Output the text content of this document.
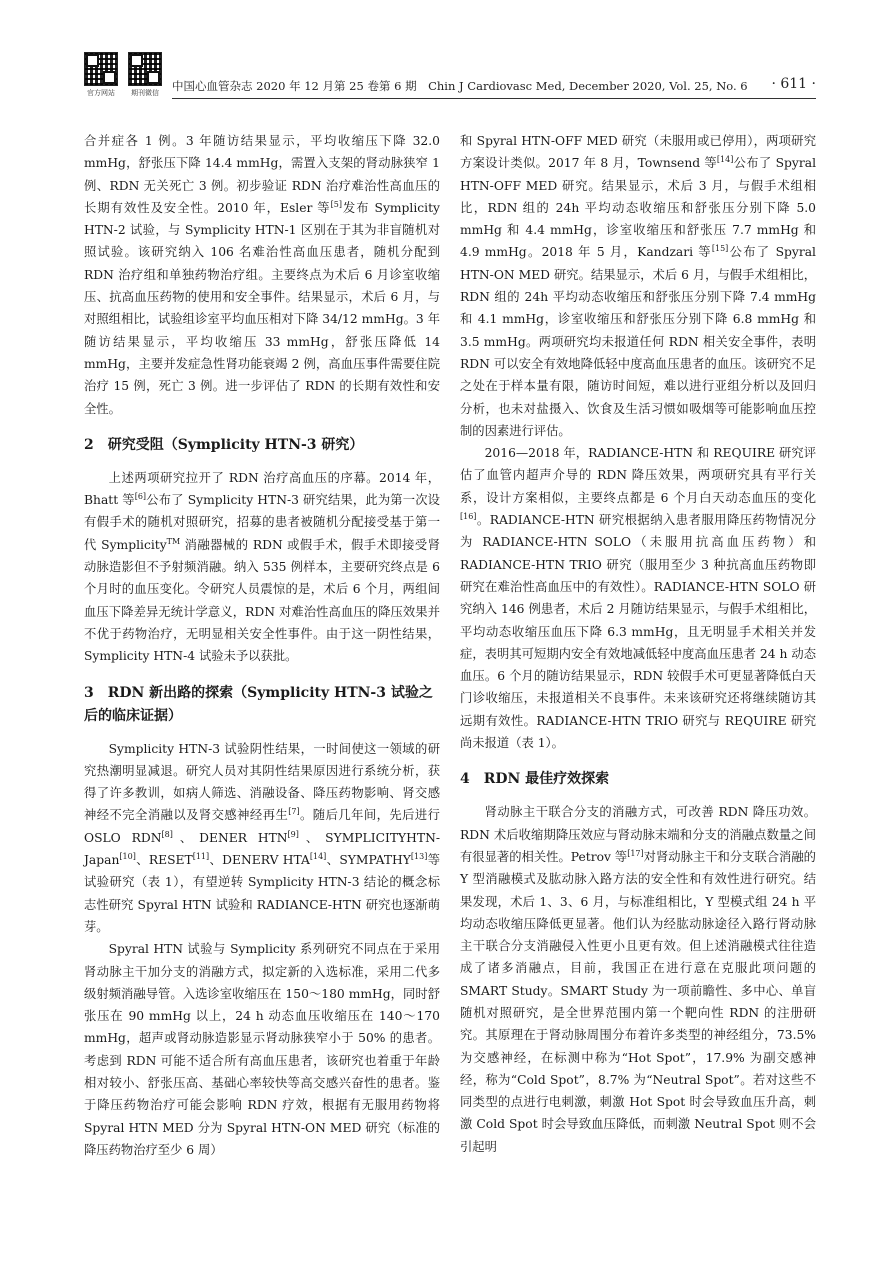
官方网站	期刊微信	中国心血管杂志 2020 年 12 月第 25 卷第 6 期　Chin J Cardiovasc Med, December 2020, Vol. 25, No. 6 · 611 ·

合并症各 1 例。3 年随访结果显示，平均收缩压下降 32.0 mmHg，舒张压下降 14.4 mmHg，需置入支架的肾动脉狭窄 1 例、RDN 无关死亡 3 例。初步验证 RDN 治疗难治性高血压的长期有效性及安全性。2010 年，Esler 等[5]发布 Symplicity HTN-2 试验，与 Symplicity HTN-1 区别在于其为非盲随机对照试验。该研究纳入 106 名难治性高血压患者，随机分配到 RDN 治疗组和单独药物治疗组。主要终点为术后 6 月诊室收缩压、抗高血压药物的使用和安全事件。结果显示，术后 6 月，与对照组相比，试验组诊室平均血压相对下降 34/12 mmHg。3 年随访结果显示，平均收缩压 33 mmHg，舒张压降低 14 mmHg，主要并发症急性肾功能衰竭 2 例，高血压事件需要住院治疗 15 例，死亡 3 例。进一步评估了 RDN 的长期有效性和安全性。

2　研究受阻（Symplicity HTN-3 研究）

上述两项研究拉开了 RDN 治疗高血压的序幕。2014 年，Bhatt 等[6]公布了 Symplicity HTN-3 研究结果，此为第一次设有假手术的随机对照研究，招募的患者被随机分配接受基于第一代 Symplicity™ 消融器械的 RDN 或假手术，假手术即接受肾动脉造影但不予射频消融。纳入 535 例样本，主要研究终点是 6 个月时的血压变化。令研究人员震惊的是，术后 6 个月，两组间血压下降差异无统计学意义，RDN 对难治性高血压的降压效果并不优于药物治疗，无明显相关安全性事件。由于这一阴性结果，Symplicity HTN-4 试验未予以获批。

3　RDN 新出路的探索（Symplicity HTN-3 试验之后的临床证据）

Symplicity HTN-3 试验阴性结果，一时间使这一领域的研究热潮明显减退。研究人员对其阴性结果原因进行系统分析，获得了许多教训，如病人筛选、消融设备、降压药物影响、肾交感神经不完全消融以及肾交感神经再生[7]。随后几年间，先后进行 OSLO RDN[8]、DENER HTN[9]、SYMPLICITYHTN-Japan[10]、RESET[11]、DENERV HTA[14]、SYMPATHY[13]等试验研究（表 1），有望逆转 Symplicity HTN-3 结论的概念标志性研究 Spyral HTN 试验和 RADIANCE-HTN 研究也逐渐萌芽。

Spyral HTN 试验与 Symplicity 系列研究不同点在于采用肾动脉主干加分支的消融方式，拟定新的入选标准，采用二代多级射频消融导管。入选诊室收缩压在 150～180 mmHg，同时舒张压在 90 mmHg 以上，24 h 动态血压收缩压在 140～170 mmHg，超声或肾动脉造影显示肾动脉狭窄小于 50% 的患者。考虑到 RDN 可能不适合所有高血压患者，该研究也着重于年龄相对较小、舒张压高、基础心率较快等高交感兴奋性的患者。鉴于降压药物治疗可能会影响 RDN 疗效，根据有无服用药物将 Spyral HTN MED 分为 Spyral HTN-ON MED 研究（标准的降压药物治疗至少 6 周）

和 Spyral HTN-OFF MED 研究（未服用或已停用），两项研究方案设计类似。2017 年 8 月，Townsend 等[14]公布了 Spyral HTN-OFF MED 研究。结果显示，术后 3 月，与假手术组相比，RDN 组的 24h 平均动态收缩压和舒张压分别下降 5.0 mmHg 和 4.4 mmHg，诊室收缩压和舒张压 7.7 mmHg 和 4.9 mmHg。2018 年 5 月，Kandzari 等[15]公布了 Spyral HTN-ON MED 研究。结果显示，术后 6 月，与假手术组相比，RDN 组的 24h 平均动态收缩压和舒张压分别下降 7.4 mmHg 和 4.1 mmHg，诊室收缩压和舒张压分别下降 6.8 mmHg 和 3.5 mmHg。两项研究均未报道任何 RDN 相关安全事件，表明 RDN 可以安全有效地降低轻中度高血压患者的血压。该研究不足之处在于样本量有限，随访时间短，难以进行亚组分析以及回归分析，也未对盐摄入、饮食及生活习惯如吸烟等可能影响血压控制的因素进行评估。

2016—2018 年，RADIANCE-HTN 和 REQUIRE 研究评估了血管内超声介导的 RDN 降压效果，两项研究具有平行关系，设计方案相似，主要终点都是 6 个月白天动态血压的变化[16]。RADIANCE-HTN 研究根据纳入患者服用降压药物情况分为 RADIANCE-HTN SOLO（未服用抗高血压药物）和 RADIANCE-HTN TRIO 研究（服用至少 3 种抗高血压药物即研究在难治性高血压中的有效性）。RADIANCE-HTN SOLO 研究纳入 146 例患者，术后 2 月随访结果显示，与假手术组相比，平均动态收缩压血压下降 6.3 mmHg，且无明显手术相关并发症，表明其可短期内安全有效地减低轻中度高血压患者 24 h 动态血压。6 个月的随访结果显示，RDN 较假手术可更显著降低白天门诊收缩压，未报道相关不良事件。未来该研究还将继续随访其远期有效性。RADIANCE-HTN TRIO 研究与 REQUIRE 研究尚未报道（表 1）。

4　RDN 最佳疗效探索

肾动脉主干联合分支的消融方式，可改善 RDN 降压功效。RDN 术后收缩期降压效应与肾动脉末端和分支的消融点数量之间有很显著的相关性。Petrov 等[17]对肾动脉主干和分支联合消融的 Y 型消融模式及肱动脉入路方法的安全性和有效性进行研究。结果发现，术后 1、3、6 月，与标准组相比，Y 型模式组 24 h 平均动态收缩压降低更显著。他们认为经肱动脉途径入路行肾动脉主干联合分支消融侵入性更小且更有效。但上述消融模式往往造成了诸多消融点，目前，我国正在进行意在克服此项问题的 SMART Study。SMART Study 为一项前瞻性、多中心、单盲随机对照研究，是全世界范围内第一个靶向性 RDN 的注册研究。其原理在于肾动脉周围分布着许多类型的神经组分，73.5% 为交感神经，在标测中称为“Hot Spot”，17.9% 为副交感神经，称为“Cold Spot”，8.7% 为“Neutral Spot”。若对这些不同类型的点进行电刺激，刺激 Hot Spot 时会导致血压升高，刺激 Cold Spot 时会导致血压降低，而刺激 Neutral Spot 则不会引起明
